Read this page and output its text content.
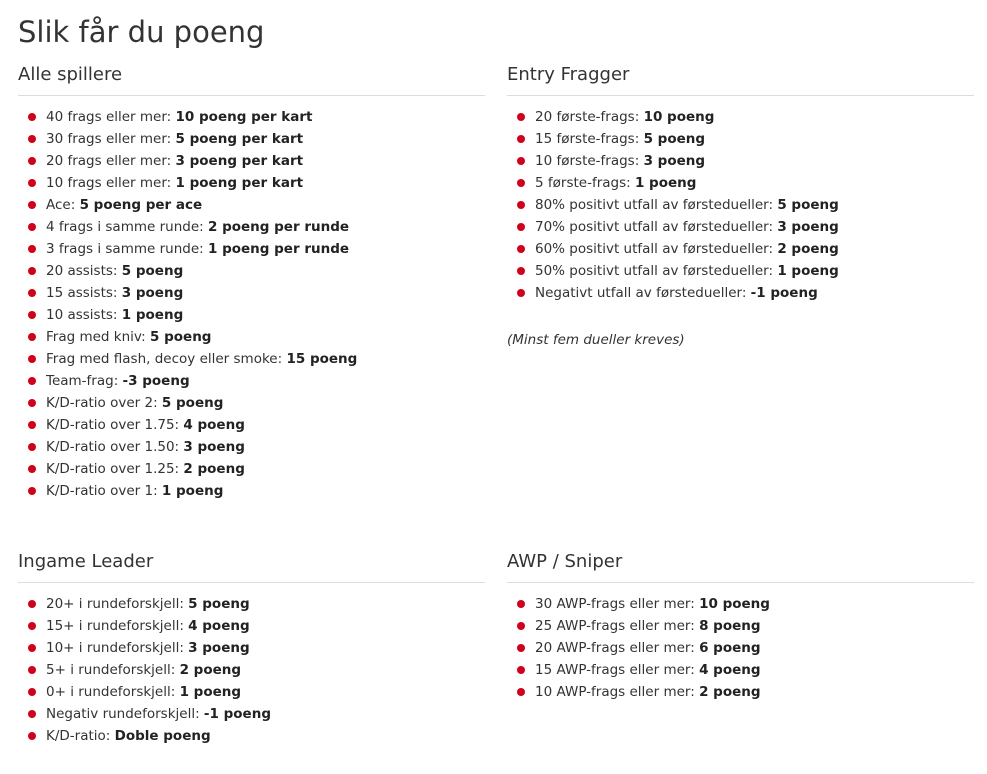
Slik får du poeng
Alle spillere
40 frags eller mer: 10 poeng per kart
30 frags eller mer: 5 poeng per kart
20 frags eller mer: 3 poeng per kart
10 frags eller mer: 1 poeng per kart
Ace: 5 poeng per ace
4 frags i samme runde: 2 poeng per runde
3 frags i samme runde: 1 poeng per runde
20 assists: 5 poeng
15 assists: 3 poeng
10 assists: 1 poeng
Frag med kniv: 5 poeng
Frag med flash, decoy eller smoke: 15 poeng
Team-frag: -3 poeng
K/D-ratio over 2: 5 poeng
K/D-ratio over 1.75: 4 poeng
K/D-ratio over 1.50: 3 poeng
K/D-ratio over 1.25: 2 poeng
K/D-ratio over 1: 1 poeng
Entry Fragger
20 første-frags: 10 poeng
15 første-frags: 5 poeng
10 første-frags: 3 poeng
5 første-frags: 1 poeng
80% positivt utfall av førstedueller: 5 poeng
70% positivt utfall av førstedueller: 3 poeng
60% positivt utfall av førstedueller: 2 poeng
50% positivt utfall av førstedueller: 1 poeng
Negativt utfall av førstedueller: -1 poeng
(Minst fem dueller kreves)
Ingame Leader
20+ i rundeforskjell: 5 poeng
15+ i rundeforskjell: 4 poeng
10+ i rundeforskjell: 3 poeng
5+ i rundeforskjell: 2 poeng
0+ i rundeforskjell: 1 poeng
Negativ rundeforskjell: -1 poeng
K/D-ratio: Doble poeng
AWP / Sniper
30 AWP-frags eller mer: 10 poeng
25 AWP-frags eller mer: 8 poeng
20 AWP-frags eller mer: 6 poeng
15 AWP-frags eller mer: 4 poeng
10 AWP-frags eller mer: 2 poeng
